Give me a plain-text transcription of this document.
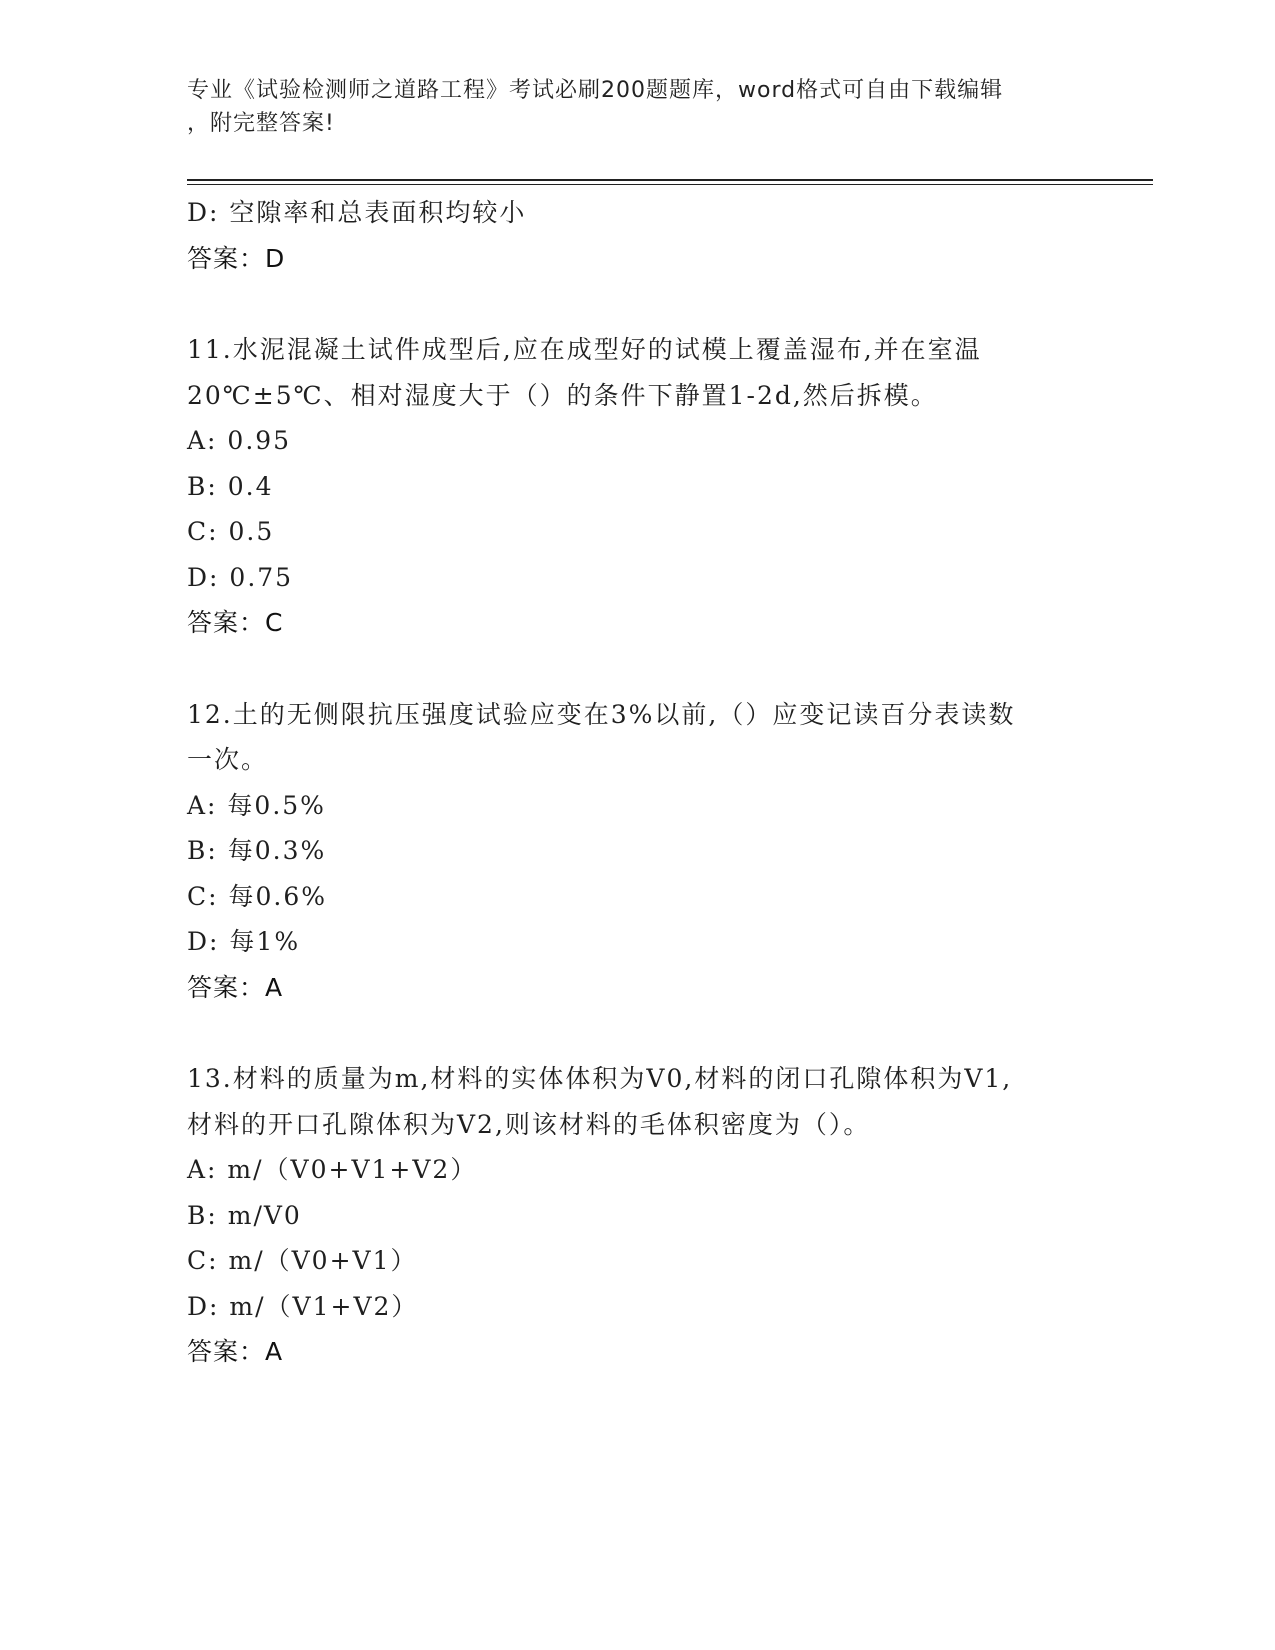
专业《试验检测师之道路工程》考试必刷200题题库，word格式可自由下载编辑
，附完整答案!
D: 空隙率和总表面积均较小
答案：D
11.水泥混凝土试件成型后,应在成型好的试模上覆盖湿布,并在室温
20℃±5℃、相对湿度大于（）的条件下静置1-2d,然后拆模。
A: 0.95
B: 0.4
C: 0.5
D: 0.75
答案：C
12.土的无侧限抗压强度试验应变在3%以前,（）应变记读百分表读数
一次。
A: 每0.5%
B: 每0.3%
C: 每0.6%
D: 每1%
答案：A
13.材料的质量为m,材料的实体体积为V0,材料的闭口孔隙体积为V1,
材料的开口孔隙体积为V2,则该材料的毛体积密度为（）。
A: m/（V0+V1+V2）
B: m/V0
C: m/（V0+V1）
D: m/（V1+V2）
答案：A
